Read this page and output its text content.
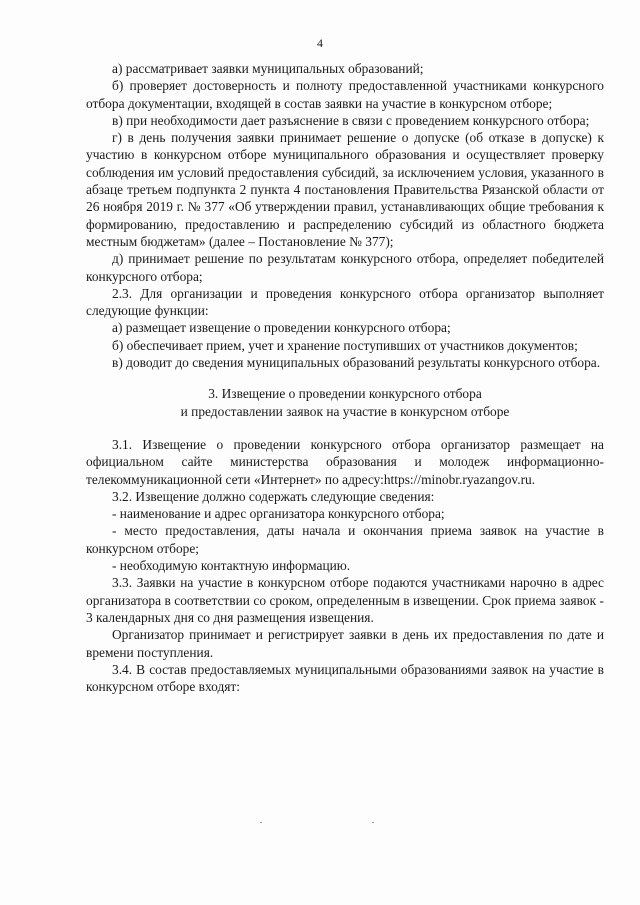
4

а) рассматривает заявки муниципальных образований;

б) проверяет достоверность и полноту предоставленной участниками конкурсного отбора документации, входящей в состав заявки на участие в конкурсном отборе;

в) при необходимости дает разъяснение в связи с проведением конкурсного отбора;

г) в день получения заявки принимает решение о допуске (об отказе в допуске) к участию в конкурсном отборе муниципального образования и осуществляет проверку соблюдения им условий предоставления субсидий, за исключением условия, указанного в абзаце третьем подпункта 2 пункта 4 постановления Правительства Рязанской области от 26 ноября 2019 г. № 377 «Об утверждении правил, устанавливающих общие требования к формированию, предоставлению и распределению субсидий из областного бюджета местным бюджетам» (далее – Постановление № 377);

д) принимает решение по результатам конкурсного отбора, определяет победителей конкурсного отбора;

2.3. Для организации и проведения конкурсного отбора организатор выполняет следующие функции:

а) размещает извещение о проведении конкурсного отбора;

б) обеспечивает прием, учет и хранение поступивших от участников документов;

в) доводит до сведения муниципальных образований результаты конкурсного отбора.

3. Извещение о проведении конкурсного отбора

и предоставлении заявок на участие в конкурсном отборе

3.1. Извещение о проведении конкурсного отбора организатор размещает на официальном сайте министерства образования и молодеж информационно-телекоммуникационной сети «Интернет» по адресу:https://minobr.ryazangov.ru.

3.2. Извещение должно содержать следующие сведения:

- наименование и адрес организатора конкурсного отбора;

- место предоставления, даты начала и окончания приема заявок на участие в конкурсном отборе;

- необходимую контактную информацию.

3.3. Заявки на участие в конкурсном отборе подаются участниками нарочно в адрес организатора в соответствии со сроком, определенным в извещении. Срок приема заявок - 3 календарных дня со дня размещения извещения.

Организатор принимает и регистрирует заявки в день их предоставления по дате и времени поступления.

3.4. В состав предоставляемых муниципальными образованиями заявок на участие в конкурсном отборе входят:
